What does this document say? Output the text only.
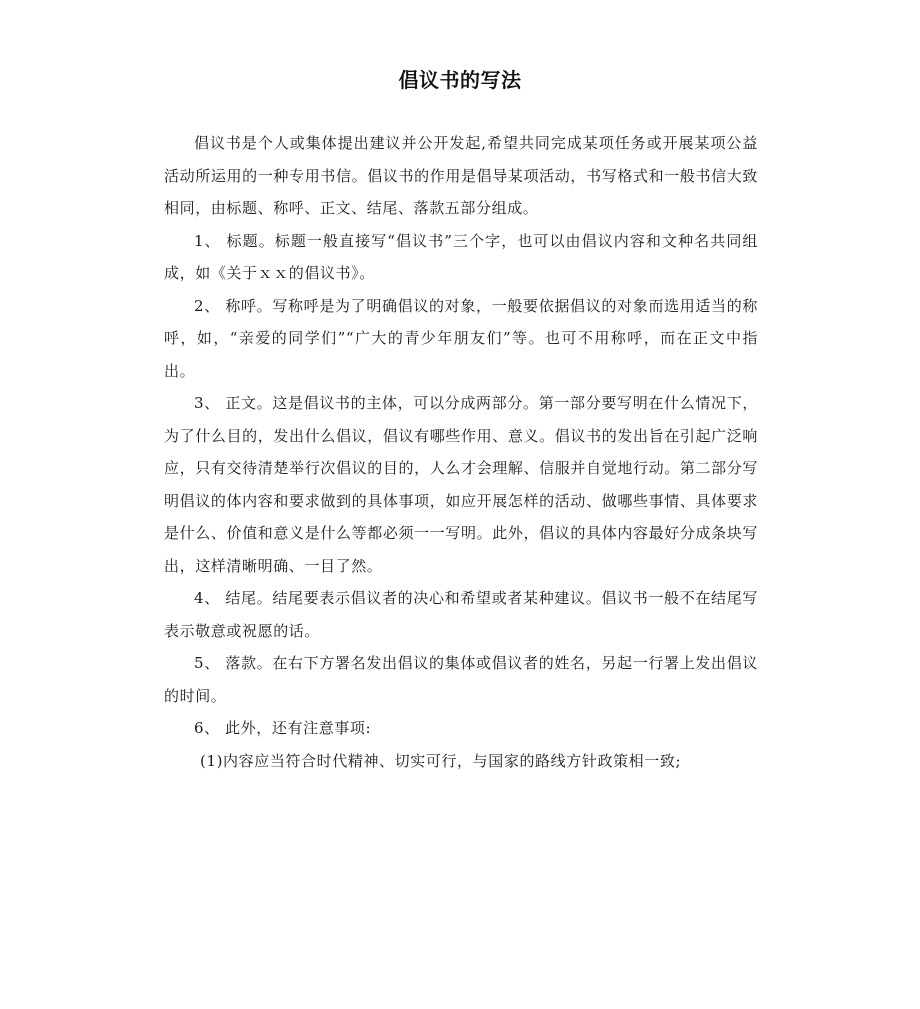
倡议书的写法

倡议书是个人或集体提出建议并公开发起,希望共同完成某项任务或开展某项公益活动所运用的一种专用书信。倡议书的作用是倡导某项活动，书写格式和一般书信大致相同，由标题、称呼、正文、结尾、落款五部分组成。

1、 标题。标题一般直接写“倡议书”三个字，也可以由倡议内容和文种名共同组成，如《关于ｘｘ的倡议书》。

2、 称呼。写称呼是为了明确倡议的对象，一般要依据倡议的对象而选用适当的称呼，如，“亲爱的同学们”“广大的青少年朋友们”等。也可不用称呼，而在正文中指出。

3、 正文。这是倡议书的主体，可以分成两部分。第一部分要写明在什么情况下，为了什么目的，发出什么倡议，倡议有哪些作用、意义。倡议书的发出旨在引起广泛响应，只有交待清楚举行次倡议的目的，人么才会理解、信服并自觉地行动。第二部分写明倡议的体内容和要求做到的具体事项，如应开展怎样的活动、做哪些事情、具体要求是什么、价值和意义是什么等都必须一一写明。此外，倡议的具体内容最好分成条块写出，这样清晰明确、一目了然。

4、 结尾。结尾要表示倡议者的决心和希望或者某种建议。倡议书一般不在结尾写表示敬意或祝愿的话。

5、 落款。在右下方署名发出倡议的集体或倡议者的姓名，另起一行署上发出倡议的时间。

6、 此外，还有注意事项:

(1)内容应当符合时代精神、切实可行，与国家的路线方针政策相一致;
